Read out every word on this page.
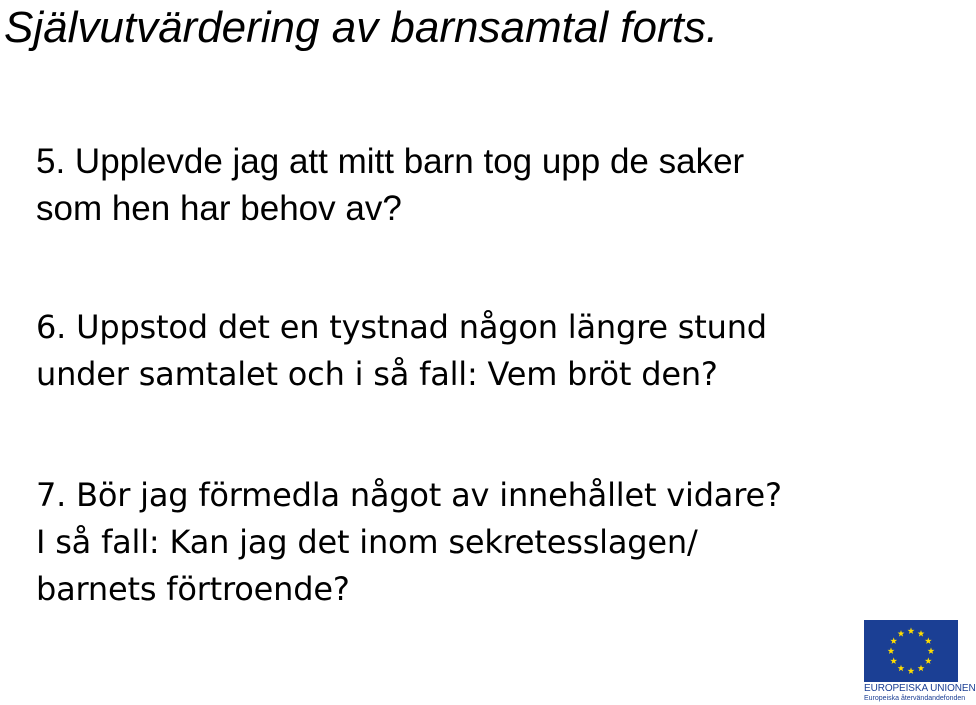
Självutvärdering av barnsamtal forts.

5. Upplevde jag att mitt barn tog upp de saker
som hen har behov av?

6. Uppstod det en tystnad någon längre stund
under samtalet och i så fall: Vem bröt den?

7. Bör jag förmedla något av innehållet vidare?
I så fall: Kan jag det inom sekretesslagen/
barnets förtroende?

EUROPEISKA UNIONEN
Europeiska återvändandefonden
